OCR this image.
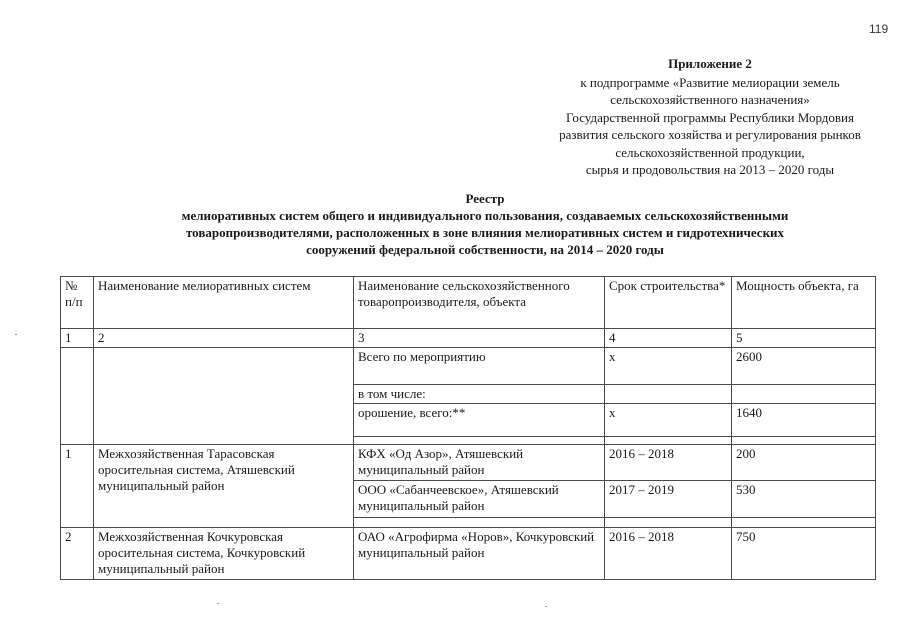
119
Приложение 2
к подпрограмме «Развитие мелиорации земель
сельскохозяйственного назначения»
Государственной программы Республики Мордовия
развития сельского хозяйства и регулирования рынков
сельскохозяйственной продукции,
сырья и продовольствия на 2013 – 2020 годы
Реестр
мелиоративных систем общего и индивидуального пользования, создаваемых сельскохозяйственными
товаропроизводителями, расположенных в зоне влияния мелиоративных систем и гидротехнических
сооружений федеральной собственности, на 2014 – 2020 годы
№ п/п	Наименование мелиоративных систем	Наименование сельскохозяйственного товаропроизводителя, объекта	Срок строительства*	Мощность объекта, га
1	2	3	4	5
		Всего по мероприятию	х	2600
		в том числе:		
		орошение, всего:**	х	1640

1	Межхозяйственная Тарасовская оросительная система, Атяшевский муниципальный район	КФХ «Од Азор», Атяшевский муниципальный район	2016 – 2018	200
		ООО «Сабанчеевское», Атяшевский муниципальный район	2017 – 2019	530

2	Межхозяйственная Кочкуровская оросительная система, Кочкуровский муниципальный район	ОАО «Агрофирма «Норов», Кочкуровский муниципальный район	2016 – 2018	750
